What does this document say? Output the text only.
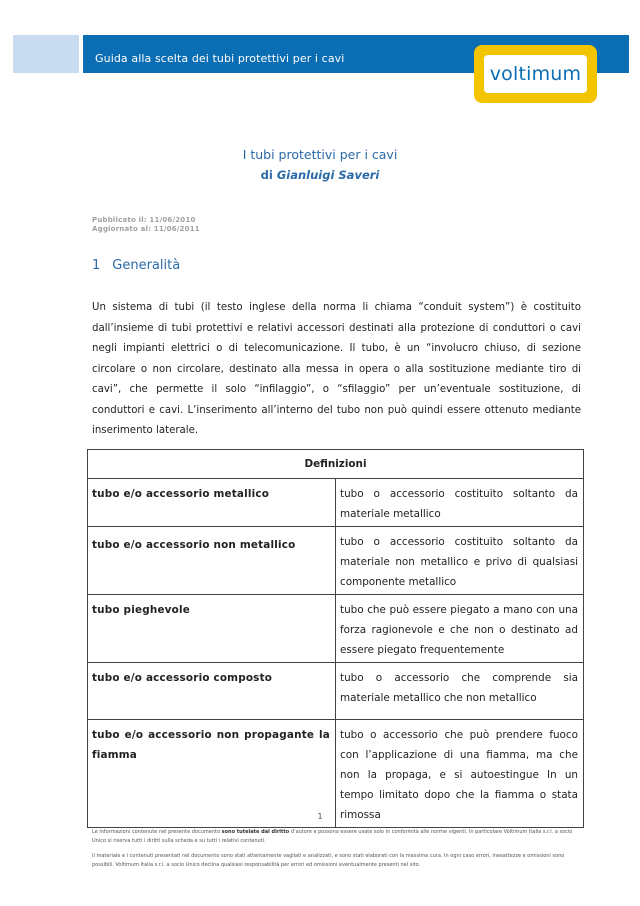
Guida alla scelta dei tubi protettivi per i cavi
voltimum
I tubi protettivi per i cavi
di Gianluigi Saveri
Pubblicato il: 11/06/2010
Aggiornato al: 11/06/2011
1 Generalità
Un sistema di tubi (il testo inglese della norma li chiama “conduit system”) è costituito dall’insieme di tubi protettivi e relativi accessori destinati alla protezione di conduttori o cavi negli impianti elettrici o di telecomunicazione. Il tubo, è un “involucro chiuso, di sezione circolare o non circolare, destinato alla messa in opera o alla sostituzione mediante tiro di cavi”, che permette il solo “infilaggio”, o “sfilaggio” per un’eventuale sostituzione, di conduttori e cavi. L’inserimento all’interno del tubo non può quindi essere ottenuto mediante inserimento laterale.
Definizioni	
tubo e/o accessorio metallico	tubo o accessorio costituito soltanto da materiale metallico
tubo e/o accessorio non metallico	tubo o accessorio costituito soltanto da materiale non metallico e privo di qualsiasi componente metallico
tubo pieghevole	tubo che può essere piegato a mano con una forza ragionevole e che non o destinato ad essere piegato frequentemente
tubo e/o accessorio composto	tubo o accessorio che comprende sia materiale metallico che non metallico
tubo e/o accessorio non propagante la fiamma	tubo o accessorio che può prendere fuoco con l’applicazione di una fiamma, ma che non la propaga, e si autoestingue In un tempo limitato dopo che la fiamma o stata rimossa
1
Le informazioni contenute nel presente documento sono tutelate dal diritto d’autore e possono essere usate solo in conformità alle norme vigenti. In particolare Voltimum Italia s.r.l. a socio Unico si riserva tutti i diritti sulla scheda e su tutti i relativi contenuti.
Il materiale e i contenuti presentati nel documento sono stati attentamente vagliati e analizzati, e sono stati elaborati con la massima cura. In ogni caso errori, inesattezze e omissioni sono possibili. Voltimum Italia s.r.l. a socio Unico declina qualsiasi responsabilità per errori ed omissioni eventualmente presenti nel sito.
